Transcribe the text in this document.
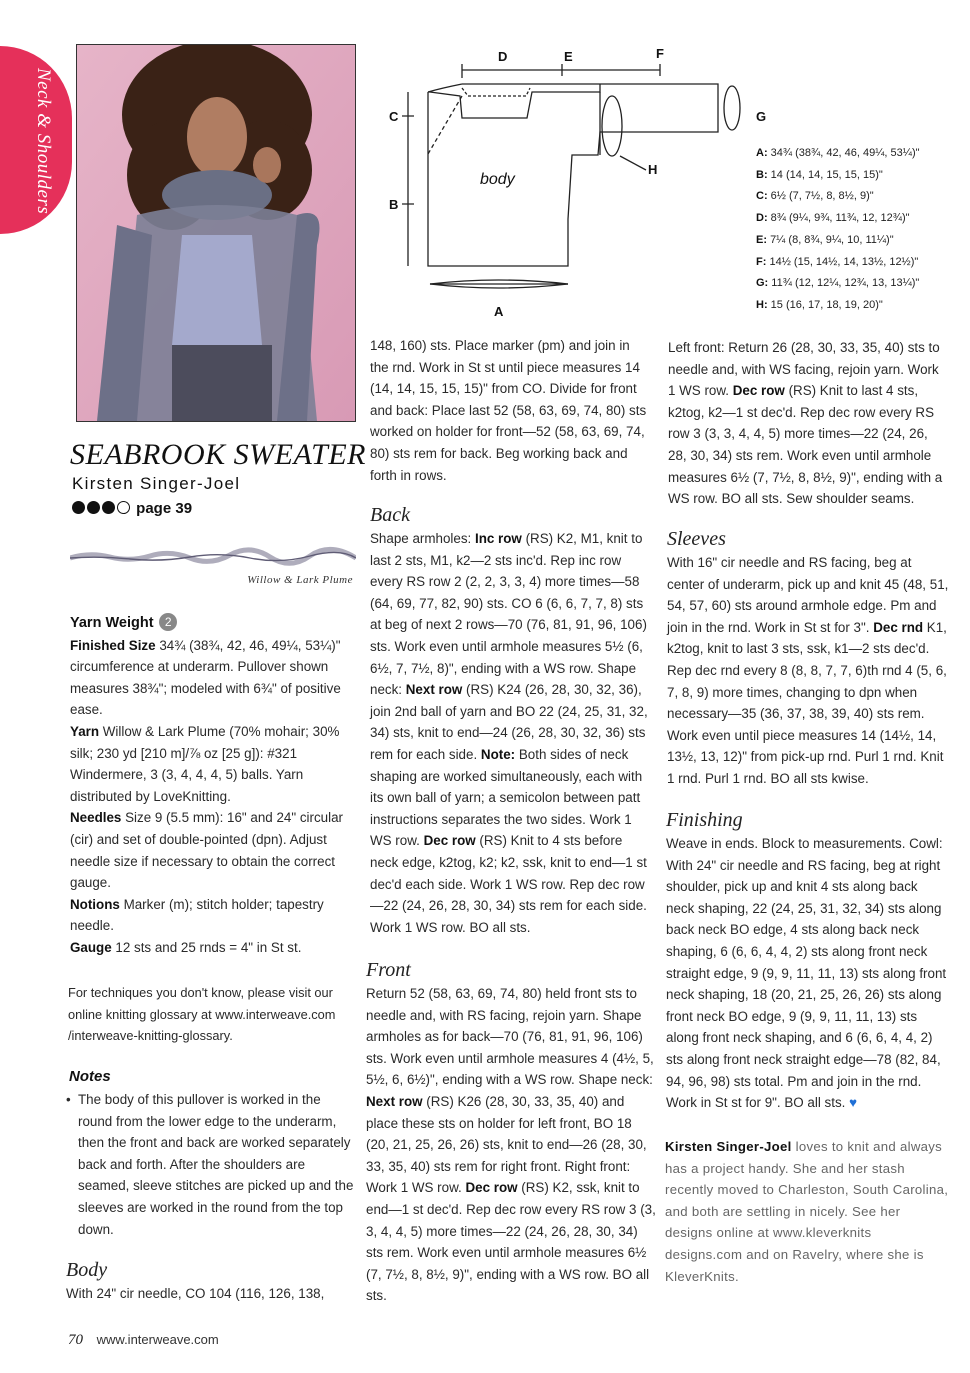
Neck & Shoulders
SEABROOK SWEATER
Kirsten Singer-Joel
page 39
Willow & Lark Plume

Yarn Weight 2

Finished Size 34¾ (38¾, 42, 46, 49¼, 53¼)" circumference at underarm. Pullover shown measures 38¾"; modeled with 6¾" of positive ease.

Yarn Willow & Lark Plume (70% mohair; 30% silk; 230 yd [210 m]/⅞ oz [25 g]): #321 Windermere, 3 (3, 4, 4, 4, 5) balls. Yarn distributed by LoveKnitting.

Needles Size 9 (5.5 mm): 16" and 24" circular (cir) and set of double-pointed (dpn). Adjust needle size if necessary to obtain the correct gauge.

Notions Marker (m); stitch holder; tapestry needle.

Gauge 12 sts and 25 rnds = 4" in St st.

For techniques you don't know, please visit our online knitting glossary at www.interweave.com /interweave-knitting-glossary.
Notes
• The body of this pullover is worked in the round from the lower edge to the underarm, then the front and back are worked separately back and forth. After the shoulders are seamed, sleeve stitches are picked up and the sleeves are worked in the round from the top down.
Body
With 24" cir needle, CO 104 (116, 126, 138,

148, 160) sts. Place marker (pm) and join in the rnd. Work in St st until piece measures 14 (14, 14, 15, 15, 15)" from CO. Divide for front and back: Place last 52 (58, 63, 69, 74, 80) sts worked on holder for front—52 (58, 63, 69, 74, 80) sts rem for back. Beg working back and forth in rows.

Back

Shape armholes: Inc row (RS) K2, M1, knit to last 2 sts, M1, k2—2 sts inc'd. Rep inc row every RS row 2 (2, 2, 3, 3, 4) more times—58 (64, 69, 77, 82, 90) sts. CO 6 (6, 6, 7, 7, 8) sts at beg of next 2 rows—70 (76, 81, 91, 96, 106) sts. Work even until armhole measures 5½ (6, 6½, 7, 7½, 8)", ending with a WS row. Shape neck: Next row (RS) K24 (26, 28, 30, 32, 36), join 2nd ball of yarn and BO 22 (24, 25, 31, 32, 34) sts, knit to end—24 (26, 28, 30, 32, 36) sts rem for each side. Note: Both sides of neck shaping are worked simultaneously, each with its own ball of yarn; a semicolon between patt instructions separates the two sides. Work 1 WS row. Dec row (RS) Knit to 4 sts before neck edge, k2tog, k2; k2, ssk, knit to end—1 st dec'd each side. Work 1 WS row. Rep dec row—22 (24, 26, 28, 30, 34) sts rem for each side. Work 1 WS row. BO all sts.

Front

Return 52 (58, 63, 69, 74, 80) held front sts to needle and, with RS facing, rejoin yarn. Shape armholes as for back—70 (76, 81, 91, 96, 106) sts. Work even until armhole measures 4 (4½, 5, 5½, 6, 6½)", ending with a WS row. Shape neck: Next row (RS) K26 (28, 30, 33, 35, 40) and place these sts on holder for left front, BO 18 (20, 21, 25, 26, 26) sts, knit to end—26 (28, 30, 33, 35, 40) sts rem for right front. Right front: Work 1 WS row. Dec row (RS) K2, ssk, knit to end—1 st dec'd. Rep dec row every RS row 3 (3, 3, 4, 4, 5) more times—22 (24, 26, 28, 30, 34) sts rem. Work even until armhole measures 6½ (7, 7½, 8, 8½, 9)", ending with a WS row. BO all sts.

Left front: Return 26 (28, 30, 33, 35, 40) sts to needle and, with WS facing, rejoin yarn. Work 1 WS row. Dec row (RS) Knit to last 4 sts, k2tog, k2—1 st dec'd. Rep dec row every RS row 3 (3, 3, 4, 4, 5) more times—22 (24, 26, 28, 30, 34) sts rem. Work even until armhole measures 6½ (7, 7½, 8, 8½, 9)", ending with a WS row. BO all sts. Sew shoulder seams.

Sleeves

With 16" cir needle and RS facing, beg at center of underarm, pick up and knit 45 (48, 51, 54, 57, 60) sts around armhole edge. Pm and join in the rnd. Work in St st for 3". Dec rnd K1, k2tog, knit to last 3 sts, ssk, k1—2 sts dec'd. Rep dec rnd every 8 (8, 8, 7, 7, 6)th rnd 4 (5, 6, 7, 8, 9) more times, changing to dpn when necessary—35 (36, 37, 38, 39, 40) sts rem. Work even until piece measures 14 (14½, 14, 13½, 13, 12)" from pick-up rnd. Purl 1 rnd. Knit 1 rnd. Purl 1 rnd. BO all sts kwise.

Finishing

Weave in ends. Block to measurements. Cowl: With 24" cir needle and RS facing, beg at right shoulder, pick up and knit 4 sts along back neck shaping, 22 (24, 25, 31, 32, 34) sts along back neck BO edge, 4 sts along back neck shaping, 6 (6, 6, 4, 4, 2) sts along front neck straight edge, 9 (9, 9, 11, 11, 13) sts along front neck shaping, 18 (20, 21, 25, 26, 26) sts along front neck BO edge, 9 (9, 9, 11, 11, 13) sts along front neck shaping, and 6 (6, 6, 4, 4, 2) sts along front neck straight edge—78 (82, 84, 94, 96, 98) sts total. Pm and join in the rnd. Work in St st for 9". BO all sts. ♥

Kirsten Singer-Joel loves to knit and always has a project handy. She and her stash recently moved to Charleston, South Carolina, and both are settling in nicely. See her designs online at www.kleverknits designs.com and on Ravelry, where she is KleverKnits.
D	E	F
C
B
A
G
H
body
A: 34¾ (38¾, 42, 46, 49¼, 53¼)"
B: 14 (14, 14, 15, 15, 15)"
C: 6½ (7, 7½, 8, 8½, 9)"
D: 8¾ (9¼, 9¾, 11¾, 12, 12¾)"
E: 7¼ (8, 8¾, 9¼, 10, 11¼)"
F: 14½ (15, 14½, 14, 13½, 12½)"
G: 11¾ (12, 12¼, 12¾, 13, 13¼)"
H: 15 (16, 17, 18, 19, 20)"
70 www.interweave.com
